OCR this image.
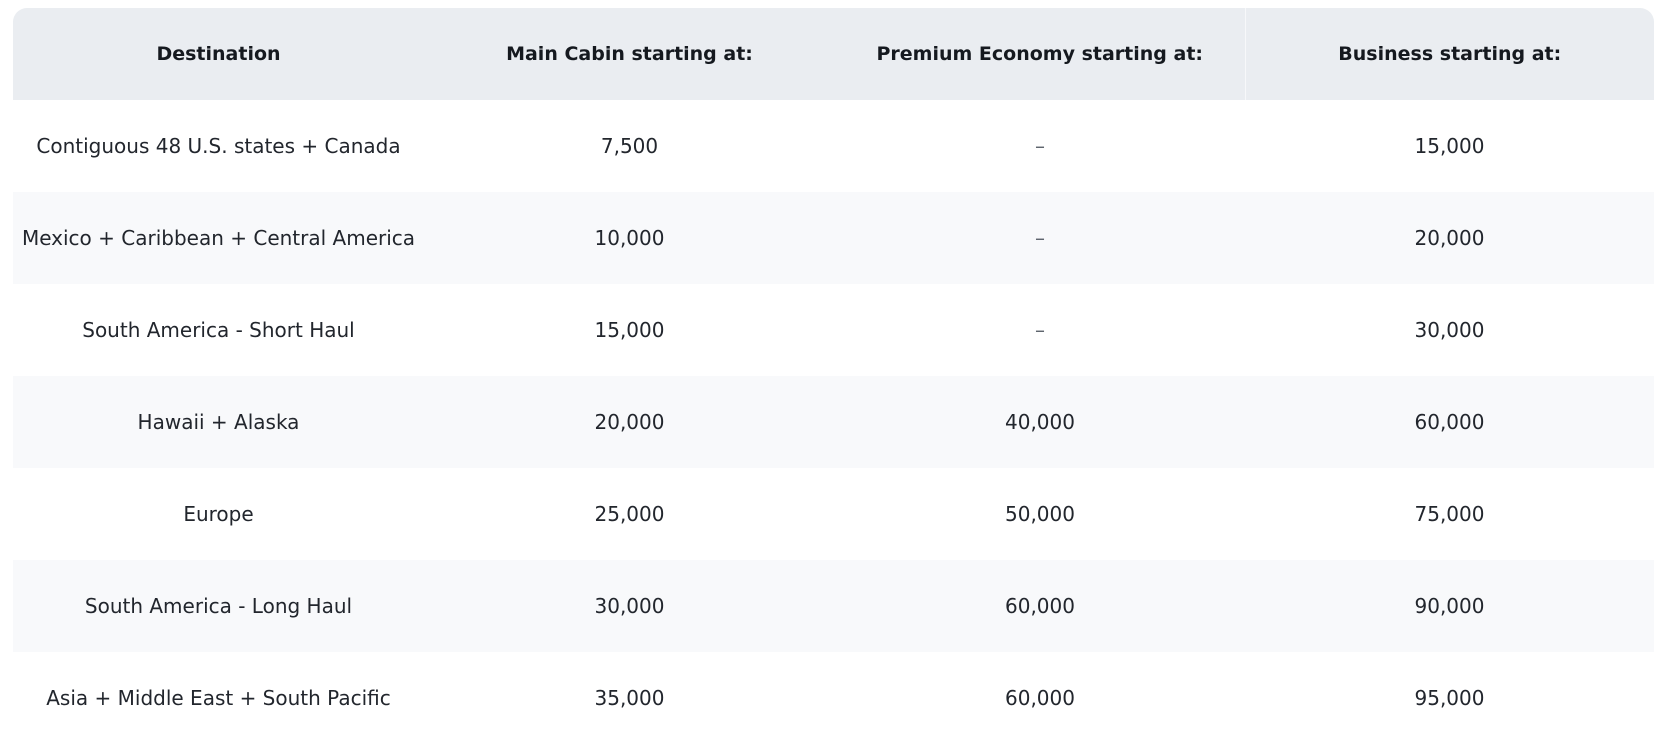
Destination	Main Cabin starting at:	Premium Economy starting at:	Business starting at:
Contiguous 48 U.S. states + Canada	7,500	–	15,000
Mexico + Caribbean + Central America	10,000	–	20,000
South America - Short Haul	15,000	–	30,000
Hawaii + Alaska	20,000	40,000	60,000
Europe	25,000	50,000	75,000
South America - Long Haul	30,000	60,000	90,000
Asia + Middle East + South Pacific	35,000	60,000	95,000
